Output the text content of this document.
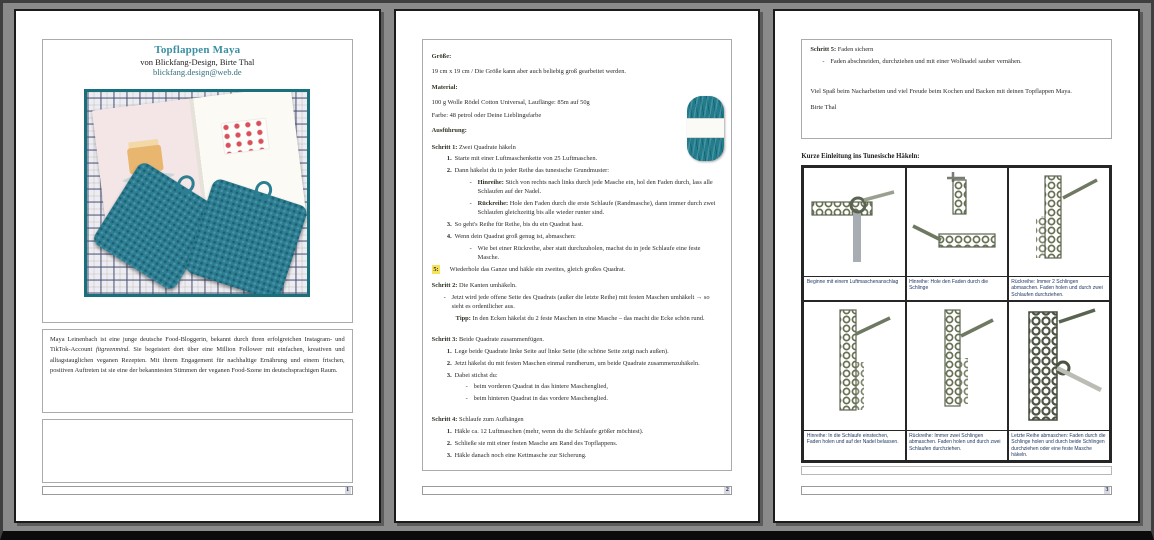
Topflappen Maya
von Blickfang-Design, Birte Thal
blickfang.design@web.de
Maya Leinenbach ist eine junge deutsche Food-Bloggerin, bekannt durch ihren erfolgreichen Instagram- und TikTok-Account fitgreenmind. Sie begeistert dort über eine Million Follower mit einfachen, kreativen und alltagstauglichen veganen Rezepten. Mit ihrem Engagement für nachhaltige Ernährung und einem frischen, positiven Auftreten ist sie eine der bekanntesten Stimmen der veganen Food-Szene im deutschsprachigen Raum.
1
Größe:
19 cm x 19 cm / Die Größe kann aber auch beliebig groß gearbeitet werden.
Material:
100 g Wolle Rödel Cotton Universal, Lauflänge: 85m auf 50g
Farbe: 48 petrol oder Deine Lieblingsfarbe
Ausführung:
Schritt 1: Zwei Quadrate häkeln
1. Starte mit einer Luftmaschenkette von 25 Luftmaschen.
2. Dann häkelst du in jeder Reihe das tunesische Grundmuster:
- Hinreihe: Stich von rechts nach links durch jede Masche ein, hol den Faden durch, lass alle Schlaufen auf der Nadel.
- Rückreihe: Hole den Faden durch die erste Schlaufe (Randmasche), dann immer durch zwei Schlaufen gleichzeitig bis alle wieder runter sind.
3. So geht's Reihe für Reihe, bis du ein Quadrat hast.
4. Wenn dein Quadrat groß genug ist, abmaschen:
- Wie bei einer Rückreihe, aber statt durchzuholen, machst du in jede Schlaufe eine feste Masche.
5: Wiederhole das Ganze und häkle ein zweites, gleich großes Quadrat.
Schritt 2: Die Kanten umhäkeln.
- Jetzt wird jede offene Seite des Quadrats (außer die letzte Reihe) mit festen Maschen umhäkelt → so sieht es ordentlicher aus.
Tipp: In den Ecken häkelst du 2 feste Maschen in eine Masche – das macht die Ecke schön rund.
Schritt 3: Beide Quadrate zusammenfügen.
1. Lege beide Quadrate linke Seite auf linke Seite (die schöne Seite zeigt nach außen).
2. Jetzt häkelst du mit festen Maschen einmal rundherum, um beide Quadrate zusammenzuhäkeln.
3. Dabei stichst du:
- beim vorderen Quadrat in das hintere Maschenglied,
- beim hinteren Quadrat in das vordere Maschenglied.
Schritt 4: Schlaufe zum Aufhängen
1. Häkle ca. 12 Luftmaschen (mehr, wenn du die Schlaufe größer möchtest).
2. Schließe sie mit einer festen Masche am Rand des Topflappens.
3. Häkle danach noch eine Kettmasche zur Sicherung.
2
Schritt 5: Faden sichern
- Faden abschneiden, durchziehen und mit einer Wollnadel sauber vernähen.
Viel Spaß beim Nacharbeiten und viel Freude beim Kochen und Backen mit deinen Topflappen Maya.
Birte Thal
Kurze Einleitung ins Tunesische Häkeln:
Beginne mit einem Luftmaschenanschlag	Hinreihe: Hole den Faden durch die Schlinge
Rückreihe: Immer 2 Schlingen abmaschen. Faden holen und durch zwei Schlaufen durchziehen.
Hinreihe: In die Schlaufe einstechen, Faden holen und auf der Nadel belassen.
Rückreihe: Immer zwei Schlingen abmaschen. Faden holen und durch zwei Schlaufen durchziehen.
Letzte Reihe abmaschen: Faden durch die Schlinge holen und durch beide Schlingen durchziehen oder eine feste Masche häkeln.
3
